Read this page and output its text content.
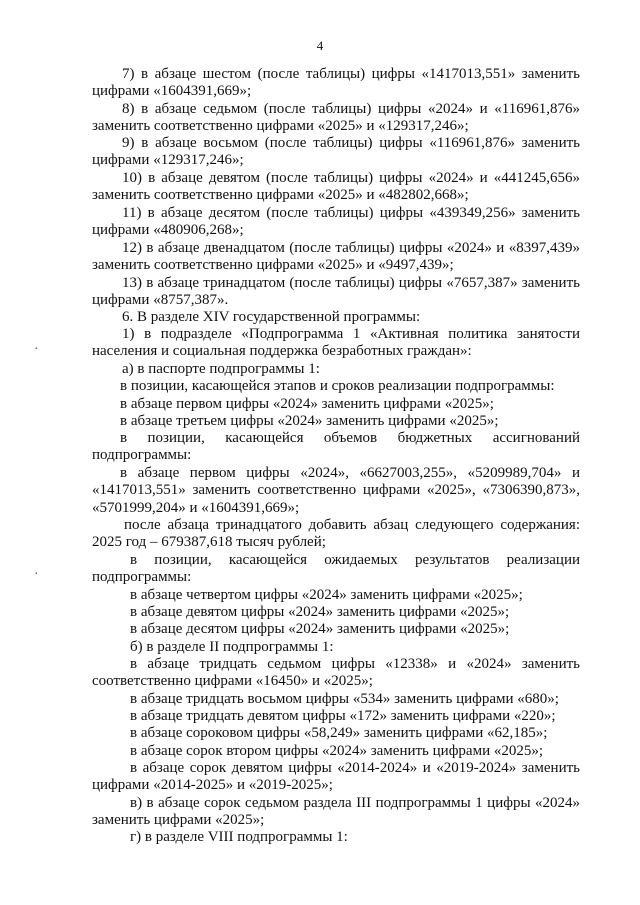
4

7) в абзаце шестом (после таблицы) цифры «1417013,551» заменить цифрами «1604391,669»;

8) в абзаце седьмом (после таблицы) цифры «2024» и «116961,876» заменить соответственно цифрами «2025» и «129317,246»;

9) в абзаце восьмом (после таблицы) цифры «116961,876» заменить цифрами «129317,246»;

10) в абзаце девятом (после таблицы) цифры «2024» и «441245,656» заменить соответственно цифрами «2025» и «482802,668»;

11) в абзаце десятом (после таблицы) цифры «439349,256» заменить цифрами «480906,268»;

12) в абзаце двенадцатом (после таблицы) цифры «2024» и «8397,439» заменить соответственно цифрами «2025» и «9497,439»;

13) в абзаце тринадцатом (после таблицы) цифры «7657,387» заменить цифрами «8757,387».

6. В разделе XIV государственной программы:

1) в подразделе «Подпрограмма 1 «Активная политика занятости населения и социальная поддержка безработных граждан»:

а) в паспорте подпрограммы 1:

в позиции, касающейся этапов и сроков реализации подпрограммы:

в абзаце первом цифры «2024» заменить цифрами «2025»;

в абзаце третьем цифры «2024» заменить цифрами «2025»;

в позиции, касающейся объемов бюджетных ассигнований подпрограммы:

в абзаце первом цифры «2024», «6627003,255», «5209989,704» и «1417013,551» заменить соответственно цифрами «2025», «7306390,873», «5701999,204» и «1604391,669»;

после абзаца тринадцатого добавить абзац следующего содержания: 2025 год – 679387,618 тысяч рублей;

в позиции, касающейся ожидаемых результатов реализации подпрограммы:

в абзаце четвертом цифры «2024» заменить цифрами «2025»;

в абзаце девятом цифры «2024» заменить цифрами «2025»;

в абзаце десятом цифры «2024» заменить цифрами «2025»;

б) в разделе II подпрограммы 1:

в абзаце тридцать седьмом цифры «12338» и «2024» заменить соответственно цифрами «16450» и «2025»;

в абзаце тридцать восьмом цифры «534» заменить цифрами «680»;

в абзаце тридцать девятом цифры «172» заменить цифрами «220»;

в абзаце сороковом цифры «58,249» заменить цифрами «62,185»;

в абзаце сорок втором цифры «2024» заменить цифрами «2025»;

в абзаце сорок девятом цифры «2014-2024» и «2019-2024» заменить цифрами «2014-2025» и «2019-2025»;

в) в абзаце сорок седьмом раздела III подпрограммы 1 цифры «2024» заменить цифрами «2025»;

г) в разделе VIII подпрограммы 1:

·
·
